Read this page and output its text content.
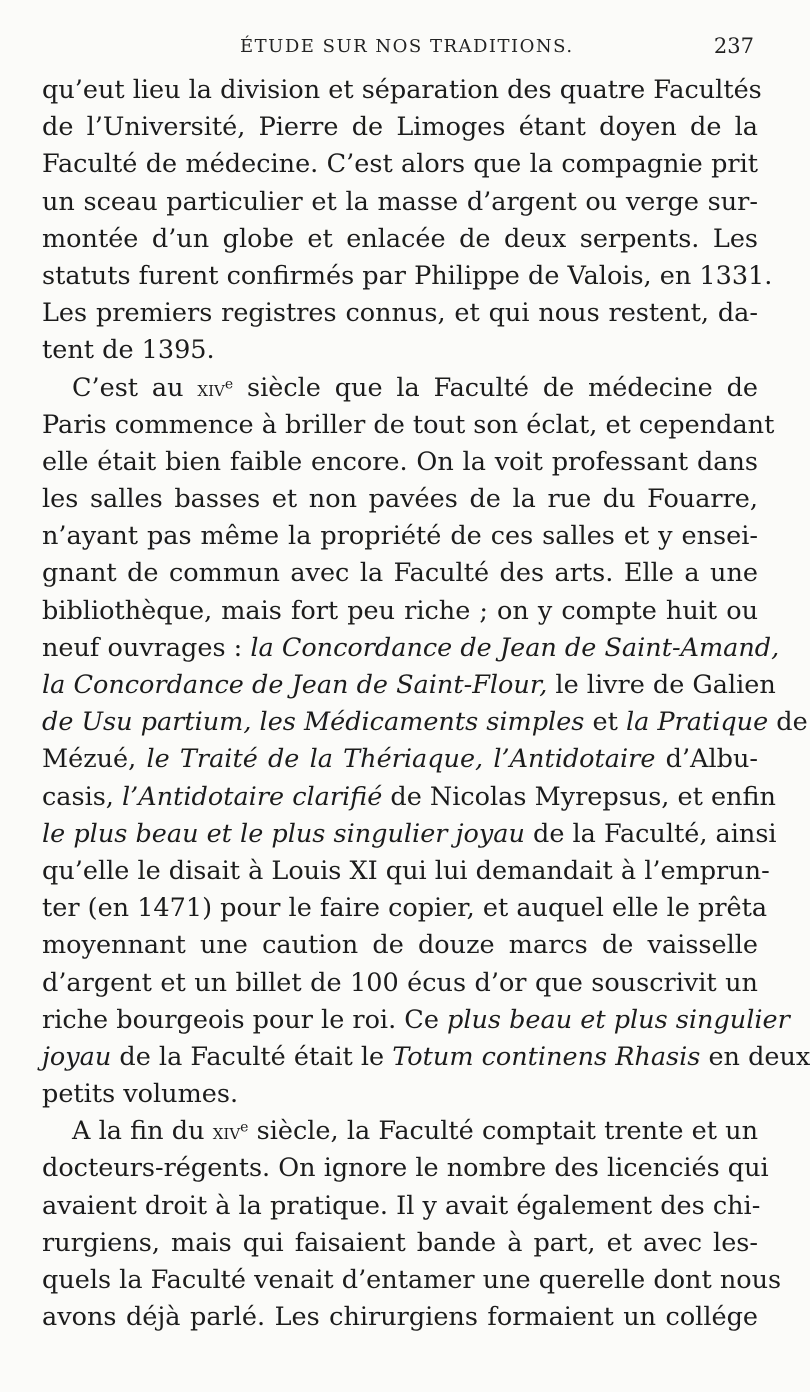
ÉTUDE SUR NOS TRADITIONS.	237
qu’eut lieu la division et séparation des quatre Facultés
de l’Université, Pierre de Limoges étant doyen de la
Faculté de médecine. C’est alors que la compagnie prit
un sceau particulier et la masse d’argent ou verge sur-
montée d’un globe et enlacée de deux serpents. Les
statuts furent confirmés par Philippe de Valois, en 1331.
Les premiers registres connus, et qui nous restent, da-
tent de 1395.
C’est au xiv$^e$ siècle que la Faculté de médecine de
Paris commence à briller de tout son éclat, et cependant
elle était bien faible encore. On la voit professant dans
les salles basses et non pavées de la rue du Fouarre,
n’ayant pas même la propriété de ces salles et y ensei-
gnant de commun avec la Faculté des arts. Elle a une
bibliothèque, mais fort peu riche ; on y compte huit ou
neuf ouvrages : la Concordance de Jean de Saint-Amand,
la Concordance de Jean de Saint-Flour, le livre de Galien
de Usu partium, les Médicaments simples et la Pratique de
Mézué, le Traité de la Thériaque, l’Antidotaire d’Albu-
casis, l’Antidotaire clarifié de Nicolas Myrepsus, et enfin
le plus beau et le plus singulier joyau de la Faculté, ainsi
qu’elle le disait à Louis XI qui lui demandait à l’emprun-
ter (en 1471) pour le faire copier, et auquel elle le prêta
moyennant une caution de douze marcs de vaisselle
d’argent et un billet de 100 écus d’or que souscrivit un
riche bourgeois pour le roi. Ce plus beau et plus singulier
joyau de la Faculté était le Totum continens Rhasis en deux
petits volumes.
A la fin du xiv$^e$ siècle, la Faculté comptait trente et un
docteurs-régents. On ignore le nombre des licenciés qui
avaient droit à la pratique. Il y avait également des chi-
rurgiens, mais qui faisaient bande à part, et avec les-
quels la Faculté venait d’entamer une querelle dont nous
avons déjà parlé. Les chirurgiens formaient un collége
